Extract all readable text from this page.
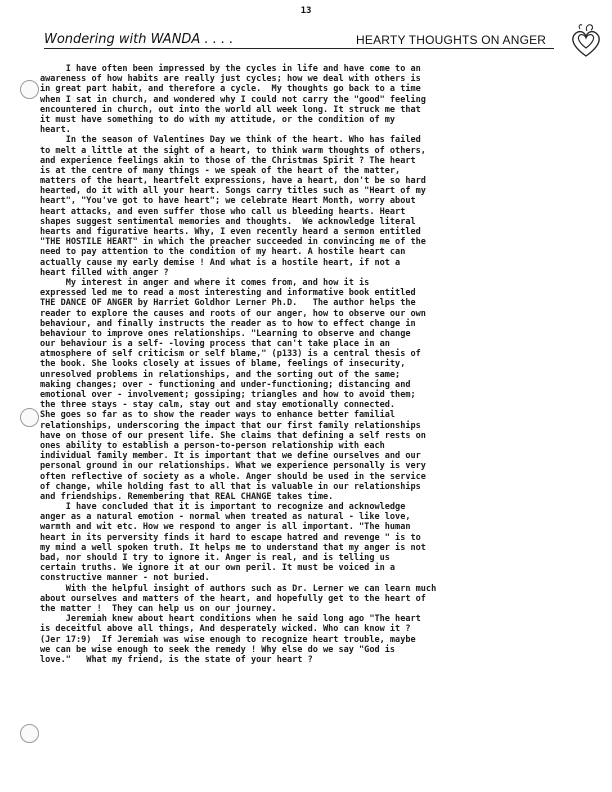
13
Wondering with WANDA . . . .	HEARTY THOUGHTS ON ANGER
I have often been impressed by the cycles in life and have come to an
awareness of how habits are really just cycles; how we deal with others is
in great part habit, and therefore a cycle.  My thoughts go back to a time
when I sat in church, and wondered why I could not carry the "good" feeling
encountered in church, out into the world all week long. It struck me that
it must have something to do with my attitude, or the condition of my
heart.
In the season of Valentines Day we think of the heart. Who has failed
to melt a little at the sight of a heart, to think warm thoughts of others,
and experience feelings akin to those of the Christmas Spirit ? The heart
is at the centre of many things - we speak of the heart of the matter,
matters of the heart, heartfelt expressions, have a heart, don't be so hard
hearted, do it with all your heart. Songs carry titles such as "Heart of my
heart", "You've got to have heart"; we celebrate Heart Month, worry about
heart attacks, and even suffer those who call us bleeding hearts. Heart
shapes suggest sentimental memories and thoughts.  We acknowledge literal
hearts and figurative hearts. Why, I even recently heard a sermon entitled
"THE HOSTILE HEART" in which the preacher succeeded in convincing me of the
need to pay attention to the condition of my heart. A hostile heart can
actually cause my early demise ! And what is a hostile heart, if not a
heart filled with anger ?
My interest in anger and where it comes from, and how it is
expressed led me to read a most interesting and informative book entitled
THE DANCE OF ANGER by Harriet Goldhor Lerner Ph.D.   The author helps the
reader to explore the causes and roots of our anger, how to observe our own
behaviour, and finally instructs the reader as to how to effect change in
behaviour to improve ones relationships. "Learning to observe and change
our behaviour is a self- -loving process that can't take place in an
atmosphere of self criticism or self blame," (p133) is a central thesis of
the book. She looks closely at issues of blame, feelings of insecurity,
unresolved problems in relationships, and the sorting out of the same;
making changes; over - functioning and under-functioning; distancing and
emotional over - involvement; gossiping; triangles and how to avoid them;
the three stays - stay calm, stay out and stay emotionally connected.
She goes so far as to show the reader ways to enhance better familial
relationships, underscoring the impact that our first family relationships
have on those of our present life. She claims that defining a self rests on
ones ability to establish a person-to-person relationship with each
individual family member. It is important that we define ourselves and our
personal ground in our relationships. What we experience personally is very
often reflective of society as a whole. Anger should be used in the service
of change, while holding fast to all that is valuable in our relationships
and friendships. Remembering that REAL CHANGE takes time.
I have concluded that it is important to recognize and acknowledge
anger as a natural emotion - normal when treated as natural - like love,
warmth and wit etc. How we respond to anger is all important. "The human
heart in its perversity finds it hard to escape hatred and revenge " is to
my mind a well spoken truth. It helps me to understand that my anger is not
bad, nor should I try to ignore it. Anger is real, and is telling us
certain truths. We ignore it at our own peril. It must be voiced in a
constructive manner - not buried.
With the helpful insight of authors such as Dr. Lerner we can learn much
about ourselves and matters of the heart, and hopefully get to the heart of
the matter !  They can help us on our journey.
Jeremiah knew about heart conditions when he said long ago "The heart
is deceitful above all things, And desperately wicked. Who can know it ?
(Jer 17:9)  If Jeremiah was wise enough to recognize heart trouble, maybe
we can be wise enough to seek the remedy ! Why else do we say "God is
love."   What my friend, is the state of your heart ?
